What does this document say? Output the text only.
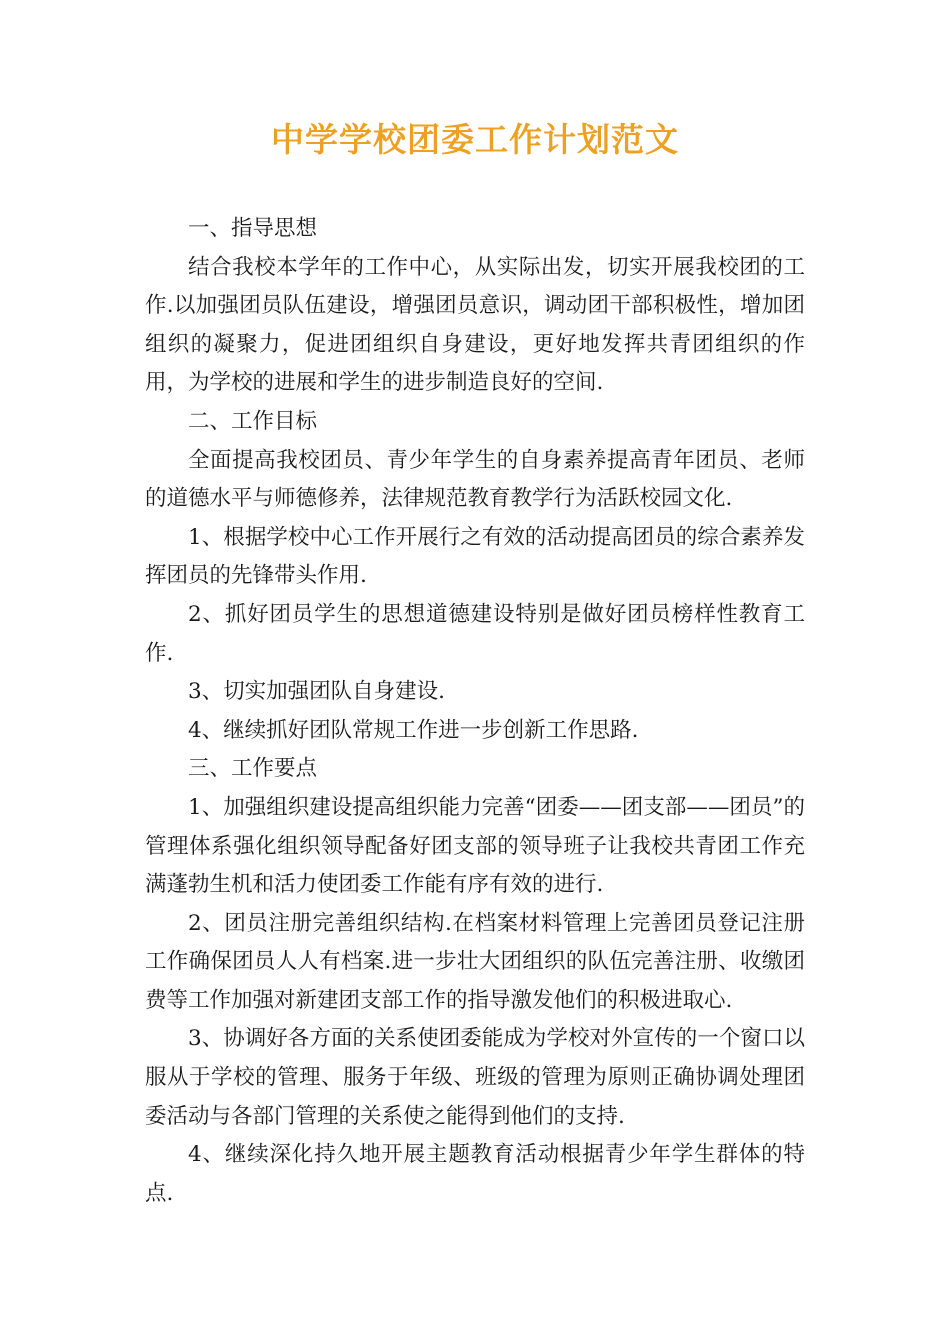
中学学校团委工作计划范文

一、指导思想

结合我校本学年的工作中心，从实际出发，切实开展我校团的工作.以加强团员队伍建设，增强团员意识，调动团干部积极性，增加团组织的凝聚力，促进团组织自身建设，更好地发挥共青团组织的作用，为学校的进展和学生的进步制造良好的空间.

二、工作目标

全面提高我校团员、青少年学生的自身素养提高青年团员、老师的道德水平与师德修养，法律规范教育教学行为活跃校园文化.

1、根据学校中心工作开展行之有效的活动提高团员的综合素养发挥团员的先锋带头作用.

2、抓好团员学生的思想道德建设特别是做好团员榜样性教育工作.

3、切实加强团队自身建设.

4、继续抓好团队常规工作进一步创新工作思路.

三、工作要点

1、加强组织建设提高组织能力完善“团委——团支部——团员”的管理体系强化组织领导配备好团支部的领导班子让我校共青团工作充满蓬勃生机和活力使团委工作能有序有效的进行.

2、团员注册完善组织结构.在档案材料管理上完善团员登记注册工作确保团员人人有档案.进一步壮大团组织的队伍完善注册、收缴团费等工作加强对新建团支部工作的指导激发他们的积极进取心.

3、协调好各方面的关系使团委能成为学校对外宣传的一个窗口以服从于学校的管理、服务于年级、班级的管理为原则正确协调处理团委活动与各部门管理的关系使之能得到他们的支持.

4、继续深化持久地开展主题教育活动根据青少年学生群体的特点.
